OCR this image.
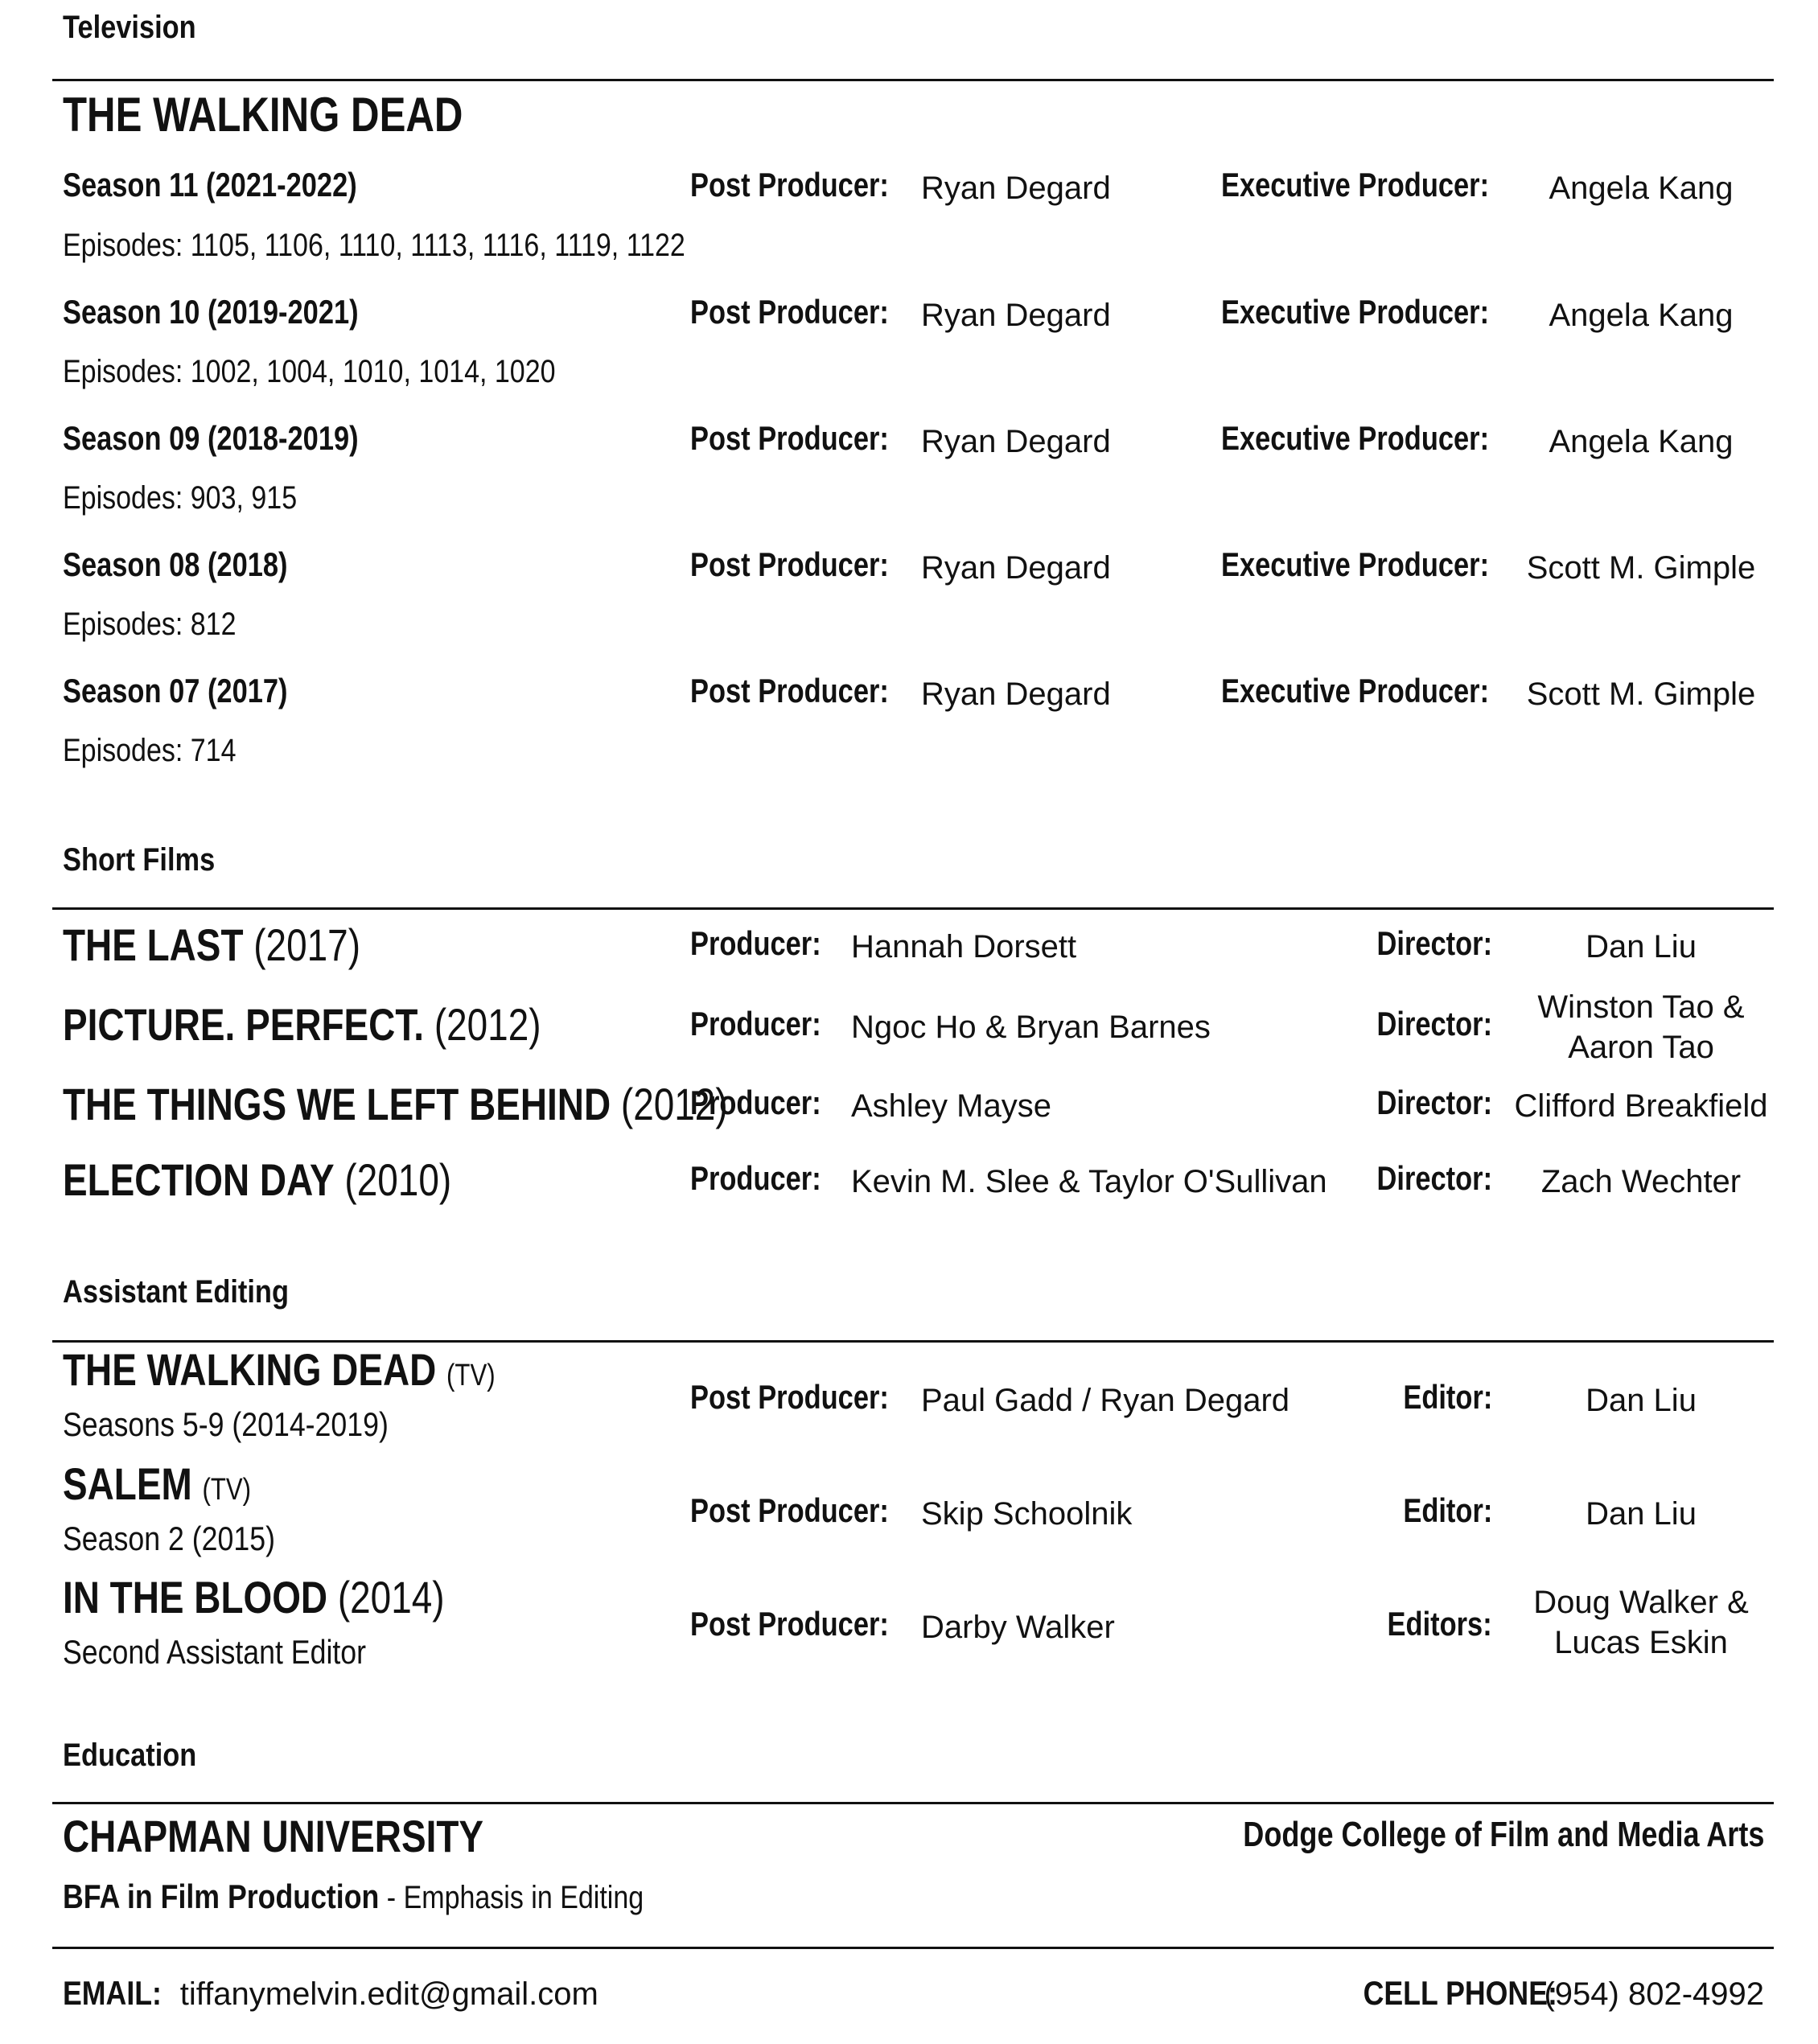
Television
THE WALKING DEAD
Season 11 (2021-2022)	Post Producer: Ryan Degard	Executive Producer:	Angela Kang
Episodes: 1105, 1106, 1110, 1113, 1116, 1119, 1122
Season 10 (2019-2021)	Post Producer: Ryan Degard	Executive Producer:	Angela Kang
Episodes: 1002, 1004, 1010, 1014, 1020
Season 09 (2018-2019)	Post Producer: Ryan Degard	Executive Producer:	Angela Kang
Episodes: 903, 915
Season 08 (2018)	Post Producer: Ryan Degard	Executive Producer:	Scott M. Gimple
Episodes: 812
Season 07 (2017)	Post Producer: Ryan Degard	Executive Producer:	Scott M. Gimple
Episodes: 714
Short Films
THE LAST (2017)	Producer: Hannah Dorsett	Director:	Dan Liu
PICTURE. PERFECT. (2012)	Producer: Ngoc Ho & Bryan Barnes	Director:	Winston Tao &
Aaron Tao
THE THINGS WE LEFT BEHIND (2012)
Producer: Ashley Mayse	Director: Clifford Breakfield
ELECTION DAY (2010)	Producer: Kevin M. Slee & Taylor O'Sullivan Director:	Zach Wechter
Assistant Editing
THE WALKING DEAD (TV)
Seasons 5-9 (2014-2019)
Post Producer: Paul Gadd / Ryan Degard	Editor:	Dan Liu
SALEM (TV)
Season 2 (2015)
Post Producer: Skip Schoolnik	Editor:	Dan Liu
IN THE BLOOD (2014)
Second Assistant Editor
Post Producer: Darby Walker	Editors:
Doug Walker &
Lucas Eskin
Education
CHAPMAN UNIVERSITY	Dodge College of Film and Media Arts
BFA in Film Production - Emphasis in Editing
EMAIL: tiffanymelvin.edit@gmail.com	CELL PHONE: (954) 802-4992
